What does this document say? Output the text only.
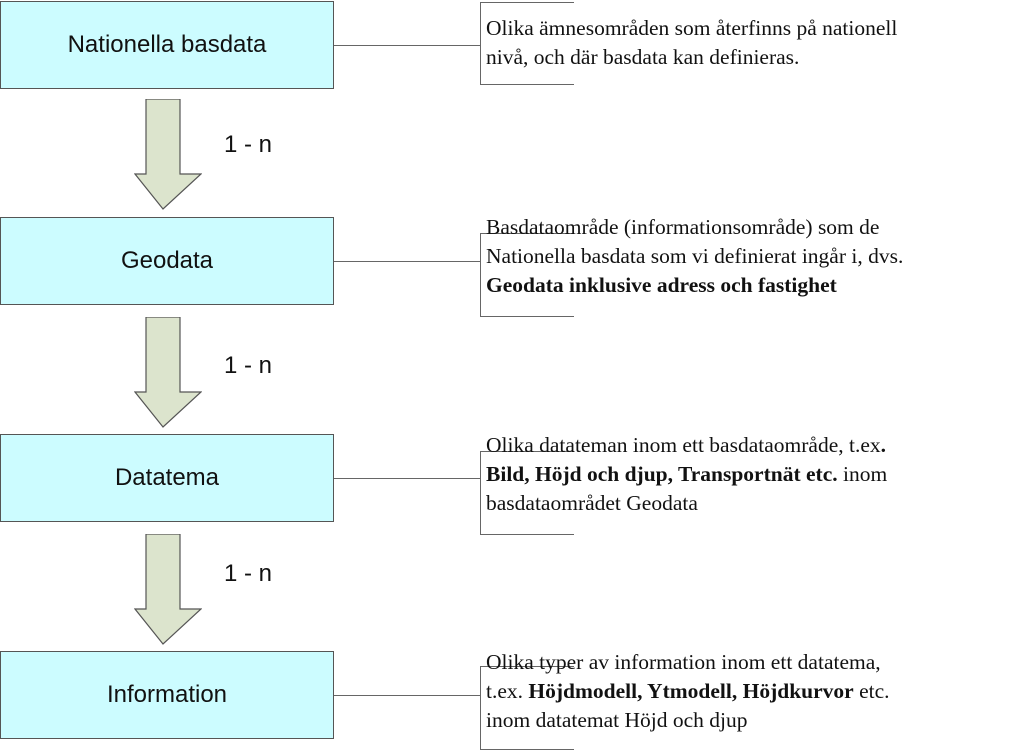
Nationella basdata
Geodata
Datatema
Information
Olika ämnesområden som återfinns på nationell
nivå, och där basdata kan definieras.
Basdataområde (informationsområde) som de
Nationella basdata som vi definierat ingår i, dvs.
Geodata inklusive adress och fastighet
Olika datateman inom ett basdataområde, t.ex.
Bild, Höjd och djup, Transportnät etc. inom
basdataområdet Geodata
Olika typer av information inom ett datatema,
t.ex. Höjdmodell, Ytmodell, Höjdkurvor etc.
inom datatemat Höjd och djup
1 - n
1 - n
1 - n
